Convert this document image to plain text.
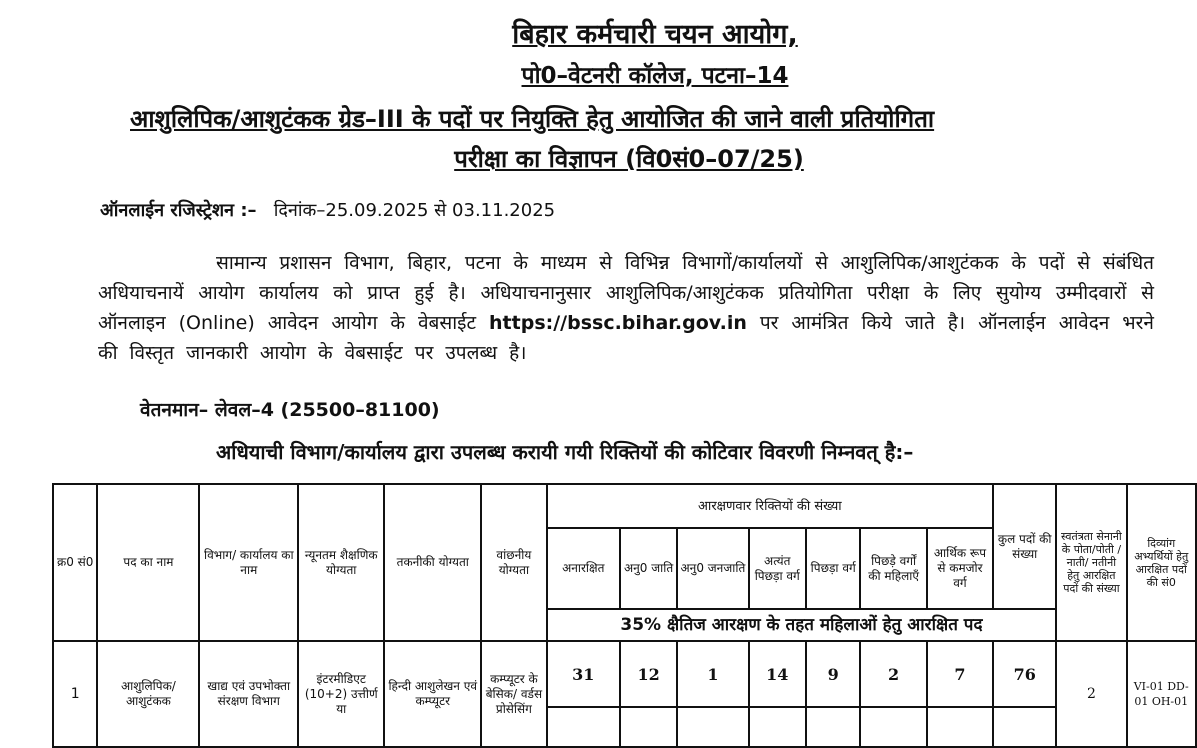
बिहार कर्मचारी चयन आयोग,
पो0–वेटनरी कॉलेज, पटना–14
आशुलिपिक/आशुटंकक ग्रेड–III के पदों पर नियुक्ति हेतु आयोजित की जाने वाली प्रतियोगिता
परीक्षा का विज्ञापन (वि0सं0–07/25)
ऑनलाईन रजिस्ट्रेशन :– दिनांक–25.09.2025 से 03.11.2025
सामान्य प्रशासन विभाग, बिहार, पटना के माध्यम से विभिन्न विभागों/कार्यालयों से आशुलिपिक/आशुटंकक के पदों से संबंधित अधियाचनायें आयोग कार्यालय को प्राप्त हुई है। अधियाचनानुसार आशुलिपिक/आशुटंकक प्रतियोगिता परीक्षा के लिए सुयोग्य उम्मीदवारों से ऑनलाइन (Online) आवेदन आयोग के वेबसाईट https://bssc.bihar.gov.in पर आमंत्रित किये जाते है। ऑनलाईन आवेदन भरने की विस्तृत जानकारी आयोग के वेबसाईट पर उपलब्ध है।
वेतनमान– लेवल–4 (25500–81100)
अधियाची विभाग/कार्यालय द्वारा उपलब्ध करायी गयी रिक्तियों की कोटिवार विवरणी निम्नवत् है:–
क्र0 सं0	पद का नाम	विभाग/ कार्यालय का नाम	न्यूनतम शैक्षणिक योग्यता	तकनीकी योग्यता	वांछनीय योग्यता	आरक्षणवार रिक्तियों की संख्या							कुल पदों की संख्या	स्वतंत्रता सेनानी के पोता/पोती /नाती/ नतीनी हेतु आरक्षित पदों की संख्या	दिव्यांग अभ्यर्थियों हेतु आरक्षित पदों की सं0
						अनारक्षित	अनु0 जाति	अनु0 जनजाति	अत्यंत पिछड़ा वर्ग	पिछड़ा वर्ग	पिछड़े वर्गों की महिलाएँ	आर्थिक रूप से कमजोर वर्ग			
						35% क्षैतिज आरक्षण के तहत महिलाओं हेतु आरक्षित पद									
1	आशुलिपिक/ आशुटंकक	खाद्य एवं उपभोक्ता संरक्षण विभाग	इंटरमीडिएट (10+2) उत्तीर्ण या	हिन्दी आशुलेखन एवं कम्प्यूटर	कम्प्यूटर के बेसिक/ वर्डस प्रोसेसिंग	31	12	1	14	9	2	7	76	2	VI-01 DD-01 OH-01
